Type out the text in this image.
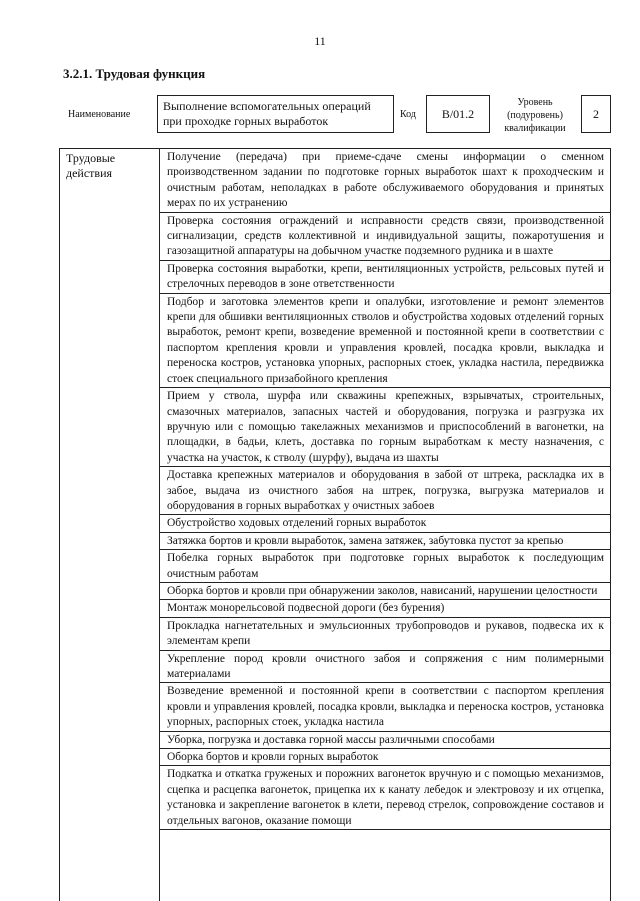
11
3.2.1. Трудовая функция
Наименование
Выполнение вспомогательных операций при проходке горных выработок	Код	B/01.2
Уровень (подуровень) квалификации
2
Трудовые действия
Получение (передача) при приеме-сдаче смены информации о сменном производственном задании по подготовке горных выработок шахт к проходческим и очистным работам, неполадках в работе обслуживаемого оборудования и принятых мерах по их устранению
Проверка состояния ограждений и исправности средств связи, производственной сигнализации, средств коллективной и индивидуальной защиты, пожаротушения и газозащитной аппаратуры на добычном участке подземного рудника и в шахте
Проверка состояния выработки, крепи, вентиляционных устройств, рельсовых путей и стрелочных переводов в зоне ответственности
Подбор и заготовка элементов крепи и опалубки, изготовление и ремонт элементов крепи для обшивки вентиляционных стволов и обустройства ходовых отделений горных выработок, ремонт крепи, возведение временной и постоянной крепи в соответствии с паспортом крепления кровли и управления кровлей, посадка кровли, выкладка и переноска костров, установка упорных, распорных стоек, укладка настила, передвижка стоек специального призабойного крепления
Прием у ствола, шурфа или скважины крепежных, взрывчатых, строительных, смазочных материалов, запасных частей и оборудования, погрузка и разгрузка их вручную или с помощью такелажных механизмов и приспособлений в вагонетки, на площадки, в бадьи, клеть, доставка по горным выработкам к месту назначения, с участка на участок, к стволу (шурфу), выдача из шахты
Доставка крепежных материалов и оборудования в забой от штрека, раскладка их в забое, выдача из очистного забоя на штрек, погрузка, выгрузка материалов и оборудования в горных выработках у очистных забоев
Обустройство ходовых отделений горных выработок
Затяжка бортов и кровли выработок, замена затяжек, забутовка пустот за крепью
Побелка горных выработок при подготовке горных выработок к последующим очистным работам
Оборка бортов и кровли при обнаружении заколов, нависаний, нарушении целостности
Монтаж монорельсовой подвесной дороги (без бурения)
Прокладка нагнетательных и эмульсионных трубопроводов и рукавов, подвеска их к элементам крепи
Укрепление пород кровли очистного забоя и сопряжения с ним полимерными материалами
Возведение временной и постоянной крепи в соответствии с паспортом крепления кровли и управления кровлей, посадка кровли, выкладка и переноска костров, установка упорных, распорных стоек, укладка настила
Уборка, погрузка и доставка горной массы различными способами
Оборка бортов и кровли горных выработок
Подкатка и откатка груженых и порожних вагонеток вручную и с помощью механизмов, сцепка и расцепка вагонеток, прицепка их к канату лебедок и электровозу и их отцепка, установка и закрепление вагонеток в клети, перевод стрелок, сопровождение составов и отдельных вагонов, оказание помощи
